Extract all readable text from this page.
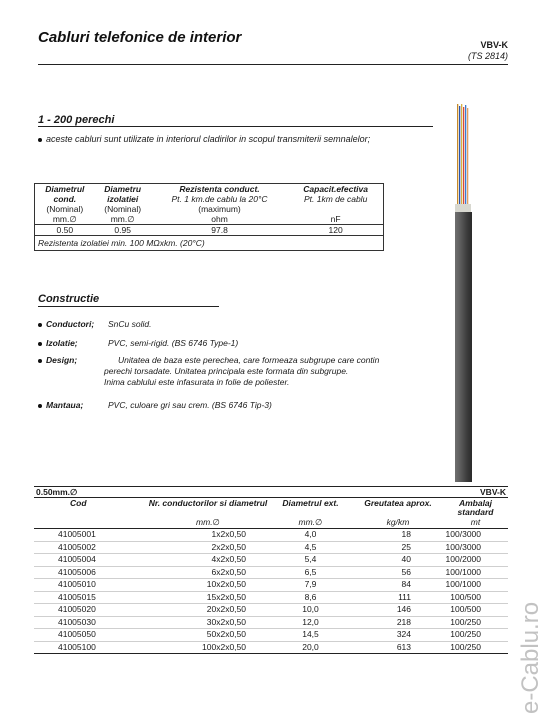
Cabluri telefonice de interior	VBV-K
(TS 2814)
1 - 200 perechi
aceste cabluri sunt utilizate in interiorul cladirilor in scopul transmiterii semnalelor;
Diametrul	Diametru	Rezistenta conduct.	Capacit.efectiva
cond.	izolatiei	Pt. 1 km.de cablu la 20°C	Pt. 1km de cablu
(Nominal)	(Nominal)	(maximum)	
mm.∅	mm.∅	ohm	nF
0.50	0.95	97.8	120
Rezistenta izolatiei min. 100 MΩxkm. (20°C)			
Constructie
Conductori; SnCu solid.
Izolatie;	PVC, semi-rigid. (BS 6746 Type-1)
Design;	Unitatea de baza este perechea, care formeaza subgrupe care contin
perechi torsadate. Unitatea principala este formata din subgrupe.
Inima cablului este infasurata in folie de poliester.
Mantaua;	PVC, culoare gri sau crem. (BS 6746 Tip-3)
0.50mm.∅	VBV-K
Cod	Nr. conductorilor si diametrul	Diametrul ext.	Greutatea aprox.	Ambalaj standard
	mm.∅	mm.∅	kg/km	mt
41005001	1x2x0,50	4,0	18	100/3000
41005002	2x2x0,50	4,5	25	100/3000
41005004	4x2x0,50	5,4	40	100/2000
41005006	6x2x0,50	6,5	56	100/1000
41005010	10x2x0,50	7,9	84	100/1000
41005015	15x2x0,50	8,6	111	100/500
41005020	20x2x0,50	10,0	146	100/500
41005030	30x2x0,50	12,0	218	100/250
41005050	50x2x0,50	14,5	324	100/250
41005100	100x2x0,50	20,0	613	100/250 e-Cablu.ro
